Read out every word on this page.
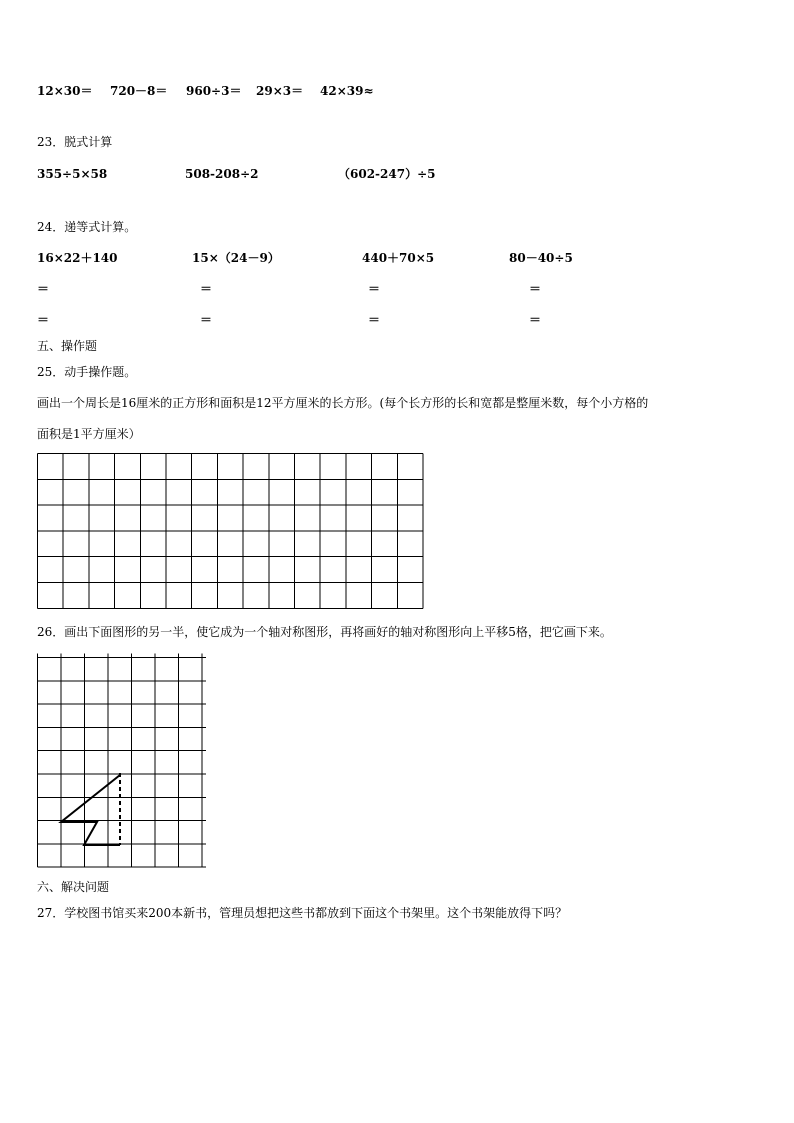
12×30＝ 720－8＝ 960÷3＝ 29×3＝ 42×39≈
23．脱式计算
355÷5×58	508-208÷2	（602-247）÷5
24．递等式计算。
16×22＋140	15×（24－9）	440＋70×5	80－40÷5
＝	＝	＝	＝
＝	＝	＝	＝
五、操作题
25．动手操作题。
画出一个周长是16厘米的正方形和面积是12平方厘米的长方形。(每个长方形的长和宽都是整厘米数，每个小方格的
面积是1平方厘米）
26．画出下面图形的另一半，使它成为一个轴对称图形，再将画好的轴对称图形向上平移5格，把它画下来。
六、解决问题
27．学校图书馆买来200本新书，管理员想把这些书都放到下面这个书架里。这个书架能放得下吗？
